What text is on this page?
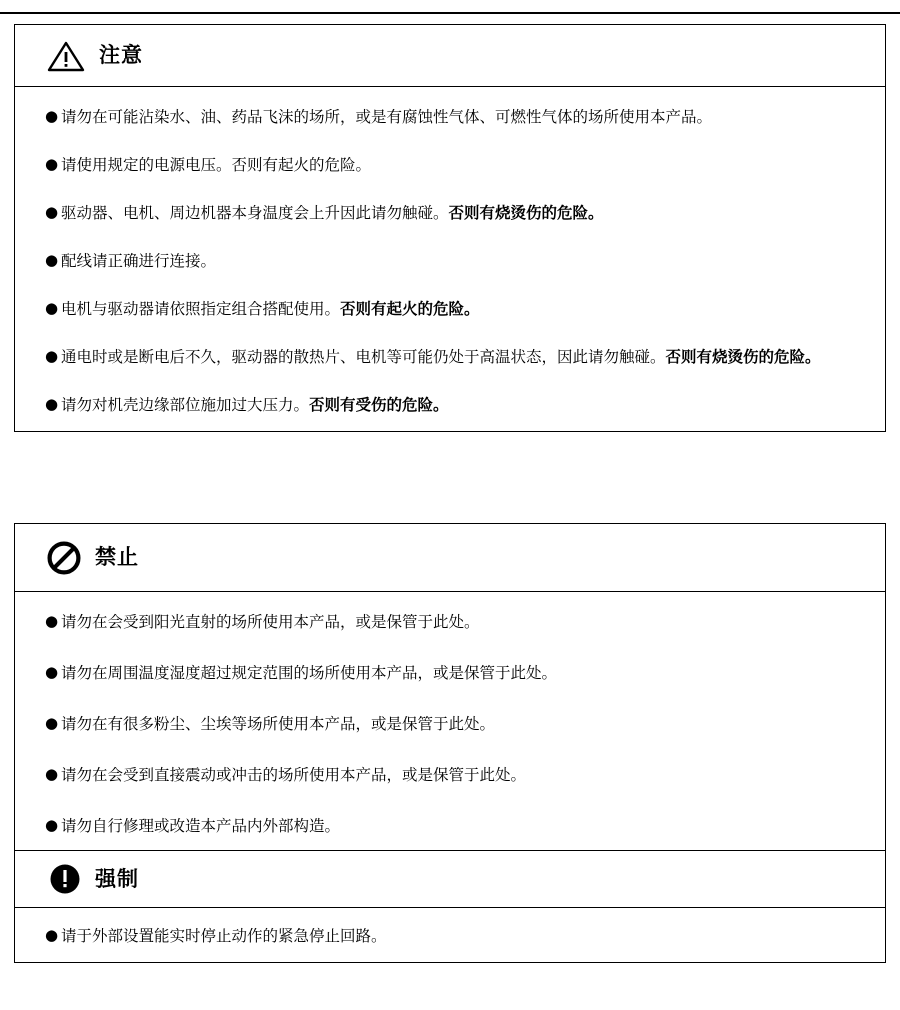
注意
● 请勿在可能沾染水、油、药品飞沫的场所，或是有腐蚀性气体、可燃性气体的场所使用本产品。
● 请使用规定的电源电压。否则有起火的危险。
● 驱动器、电机、周边机器本身温度会上升因此请勿触碰。否则有烧烫伤的危险。
● 配线请正确进行连接。
● 电机与驱动器请依照指定组合搭配使用。否则有起火的危险。
● 通电时或是断电后不久，驱动器的散热片、电机等可能仍处于高温状态，因此请勿触碰。否则有烧烫伤的危险。
● 请勿对机壳边缘部位施加过大压力。否则有受伤的危险。
禁止
● 请勿在会受到阳光直射的场所使用本产品，或是保管于此处。
● 请勿在周围温度湿度超过规定范围的场所使用本产品，或是保管于此处。
● 请勿在有很多粉尘、尘埃等场所使用本产品，或是保管于此处。
● 请勿在会受到直接震动或冲击的场所使用本产品，或是保管于此处。
● 请勿自行修理或改造本产品内外部构造。
强制
● 请于外部设置能实时停止动作的紧急停止回路。
